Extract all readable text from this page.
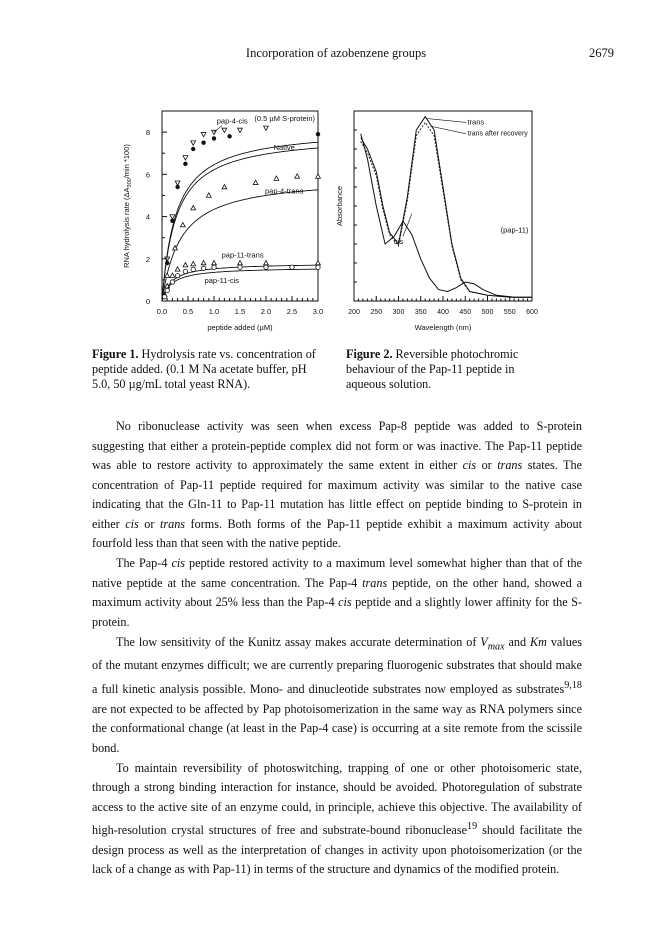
Incorporation of azobenzene groups	2679
0.0 0.5 1.0 1.5 2.0 2.5 3.0
0
2
4
6
8
peptide added (µM)
RNA hydrolysis rate ($\Delta A_{300}/\min$ *100)
(0.5 µM S-protein)
pap-4-cis
Native
pap-4-trans
pap-11-trans
pap-11-cis
200 250 300 350 400 450 500 550 600
Wavelength (nm)
Absorbance
trans
trans after recovery
cis
(pap-11)
Figure 1. Hydrolysis rate vs. concentration of peptide added. (0.1 M Na acetate buffer, pH 5.0, 50 µg/mL total yeast RNA).
Figure 2. Reversible photochromic behaviour of the Pap-11 peptide in aqueous solution.

No ribonuclease activity was seen when excess Pap-8 peptide was added to S-protein suggesting that either a protein-peptide complex did not form or was inactive. The Pap-11 peptide was able to restore activity to approximately the same extent in either cis or trans states. The concentration of Pap-11 peptide required for maximum activity was similar to the native case indicating that the Gln-11 to Pap-11 mutation has little effect on peptide binding to S-protein in either cis or trans forms. Both forms of the Pap-11 peptide exhibit a maximum activity about fourfold less than that seen with the native peptide.

The Pap-4 cis peptide restored activity to a maximum level somewhat higher than that of the native peptide at the same concentration. The Pap-4 trans peptide, on the other hand, showed a maximum activity about 25% less than the Pap-4 cis peptide and a slightly lower affinity for the S-protein.

The low sensitivity of the Kunitz assay makes accurate determination of $V_{max}$ and Km values of the mutant enzymes difficult; we are currently preparing fluorogenic substrates that should make a full kinetic analysis possible. Mono- and dinucleotide substrates now employed as substrates$^{9,18}$ are not expected to be affected by Pap photoisomerization in the same way as RNA polymers since the conformational change (at least in the Pap-4 case) is occurring at a site remote from the scissile bond.

To maintain reversibility of photoswitching, trapping of one or other photoisomeric state, through a strong binding interaction for instance, should be avoided. Photoregulation of substrate access to the active site of an enzyme could, in principle, achieve this objective. The availability of high-resolution crystal structures of free and substrate-bound ribonuclease$^{19}$ should facilitate the design process as well as the interpretation of changes in activity upon photoisomerization (or the lack of a change as with Pap-11) in terms of the structure and dynamics of the modified protein.
